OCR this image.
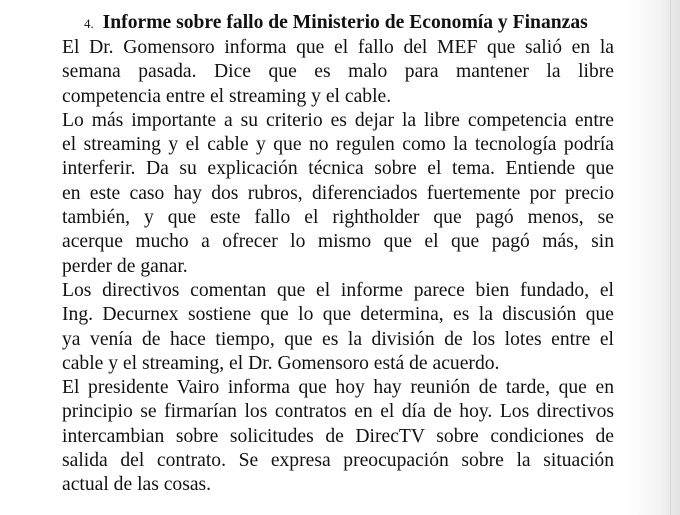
4. Informe sobre fallo de Ministerio de Economía y Finanzas

El Dr. Gomensoro informa que el fallo del MEF que salió en la
semana pasada. Dice que es malo para mantener la libre
competencia entre el streaming y el cable.

Lo más importante a su criterio es dejar la libre competencia entre
el streaming y el cable y que no regulen como la tecnología podría
interferir. Da su explicación técnica sobre el tema. Entiende que
en este caso hay dos rubros, diferenciados fuertemente por precio
también, y que este fallo el rightholder que pagó menos, se
acerque mucho a ofrecer lo mismo que el que pagó más, sin
perder de ganar.

Los directivos comentan que el informe parece bien fundado, el
Ing. Decurnex sostiene que lo que determina, es la discusión que
ya venía de hace tiempo, que es la división de los lotes entre el
cable y el streaming, el Dr. Gomensoro está de acuerdo.

El presidente Vairo informa que hoy hay reunión de tarde, que en
principio se firmarían los contratos en el día de hoy. Los directivos
intercambian sobre solicitudes de DirecTV sobre condiciones de
salida del contrato. Se expresa preocupación sobre la situación
actual de las cosas.
